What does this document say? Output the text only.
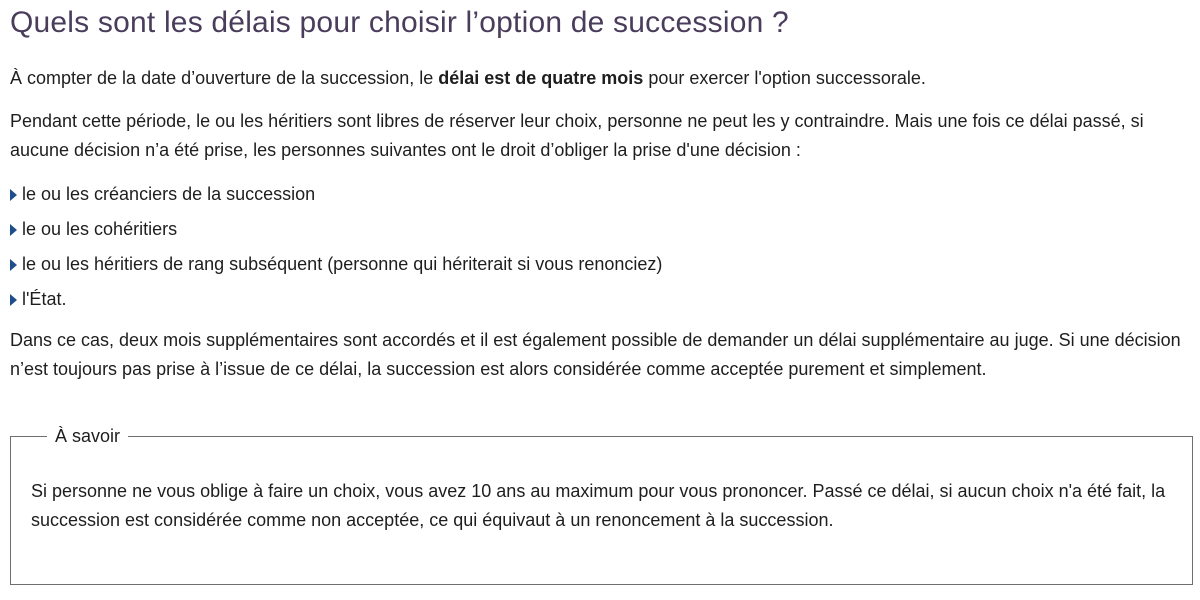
Quels sont les délais pour choisir l’option de succession ?

À compter de la date d’ouverture de la succession, le délai est de quatre mois pour exercer l'option successorale.

Pendant cette période, le ou les héritiers sont libres de réserver leur choix, personne ne peut les y contraindre. Mais une fois ce délai passé, si aucune décision n’a été prise, les personnes suivantes ont le droit d’obliger la prise d'une décision :

le ou les créanciers de la succession
le ou les cohéritiers
le ou les héritiers de rang subséquent (personne qui hériterait si vous renonciez)
l'État.

Dans ce cas, deux mois supplémentaires sont accordés et il est également possible de demander un délai supplémentaire au juge. Si une décision n’est toujours pas prise à l’issue de ce délai, la succession est alors considérée comme acceptée purement et simplement.

À savoir

Si personne ne vous oblige à faire un choix, vous avez 10 ans au maximum pour vous prononcer. Passé ce délai, si aucun choix n'a été fait, la succession est considérée comme non acceptée, ce qui équivaut à un renoncement à la succession.
